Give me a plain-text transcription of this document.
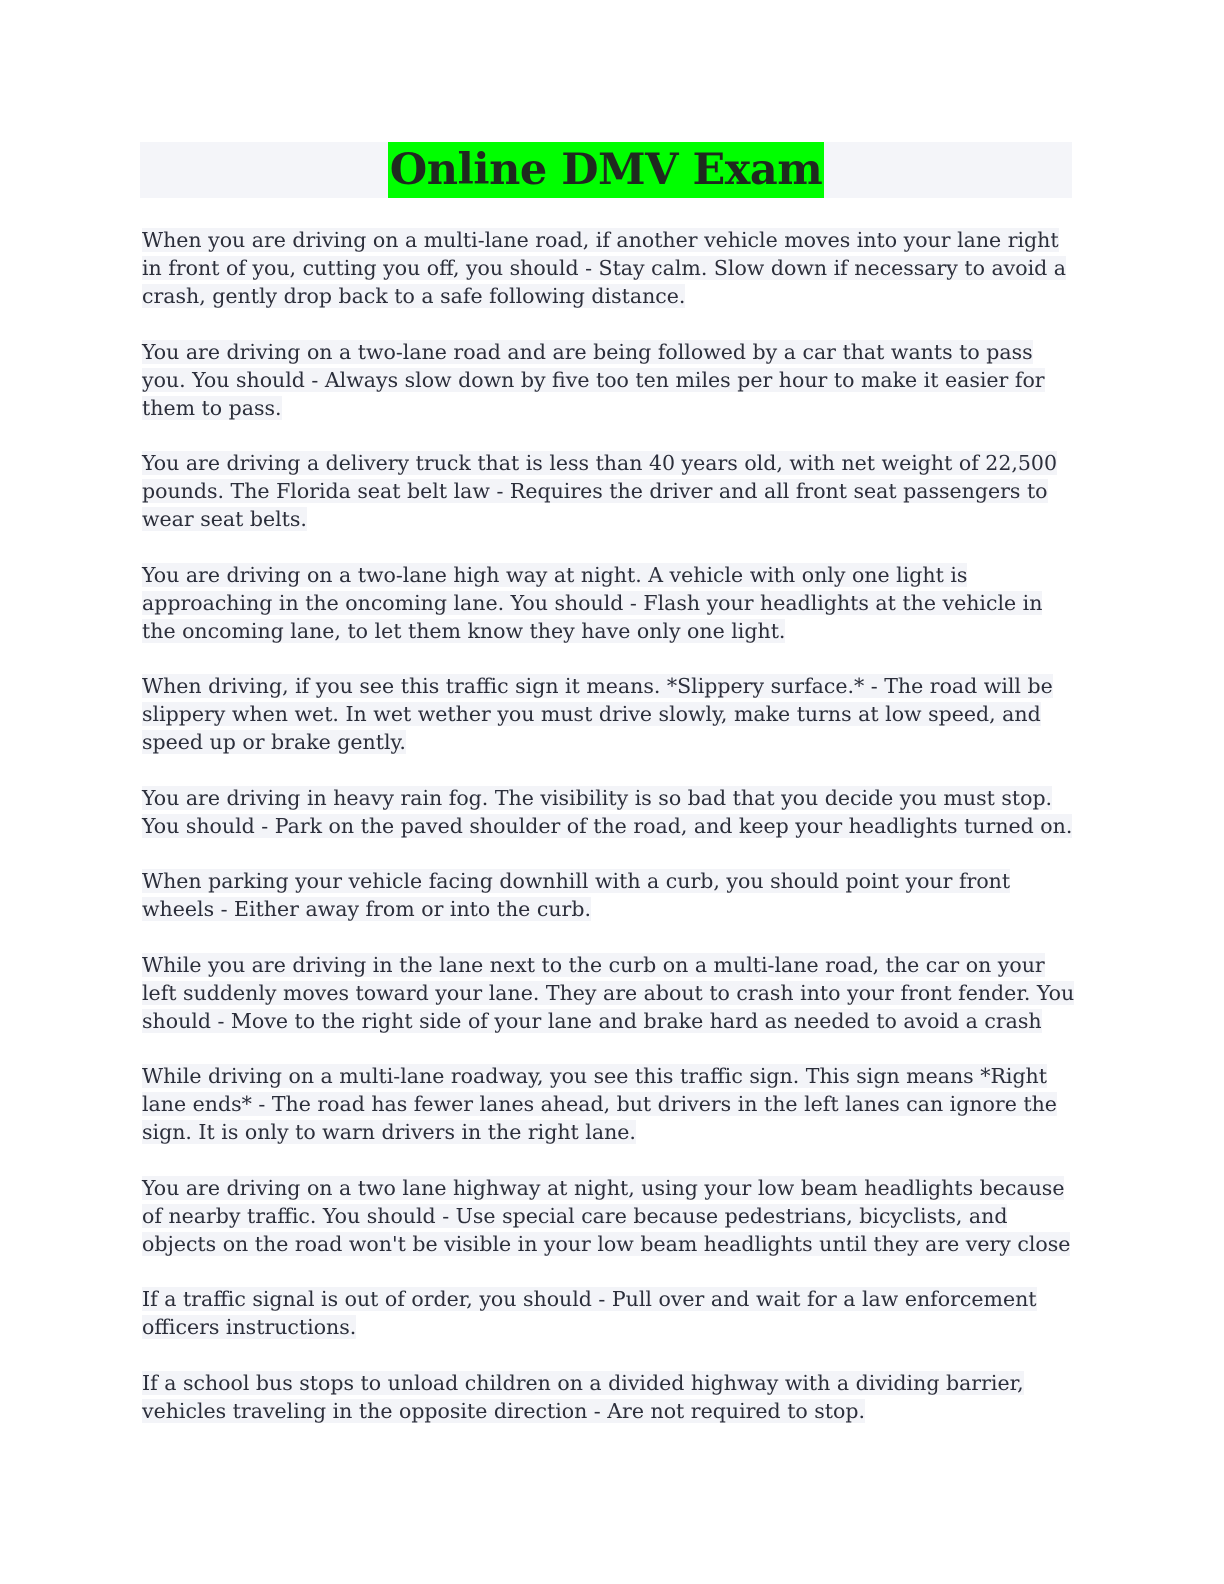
Online DMV Exam

When you are driving on a multi-lane road, if another vehicle moves into your lane right in front of you, cutting you off, you should - Stay calm. Slow down if necessary to avoid a crash, gently drop back to a safe following distance.

You are driving on a two-lane road and are being followed by a car that wants to pass you. You should - Always slow down by five too ten miles per hour to make it easier for them to pass.

You are driving a delivery truck that is less than 40 years old, with net weight of 22,500 pounds. The Florida seat belt law - Requires the driver and all front seat passengers to wear seat belts.

You are driving on a two-lane high way at night. A vehicle with only one light is approaching in the oncoming lane. You should - Flash your headlights at the vehicle in the oncoming lane, to let them know they have only one light.

When driving, if you see this traffic sign it means. *Slippery surface.* - The road will be slippery when wet. In wet wether you must drive slowly, make turns at low speed, and speed up or brake gently.

You are driving in heavy rain fog. The visibility is so bad that you decide you must stop. You should - Park on the paved shoulder of the road, and keep your headlights turned on.

When parking your vehicle facing downhill with a curb, you should point your front wheels - Either away from or into the curb.

While you are driving in the lane next to the curb on a multi-lane road, the car on your left suddenly moves toward your lane. They are about to crash into your front fender. You should - Move to the right side of your lane and brake hard as needed to avoid a crash

While driving on a multi-lane roadway, you see this traffic sign. This sign means *Right lane ends* - The road has fewer lanes ahead, but drivers in the left lanes can ignore the sign. It is only to warn drivers in the right lane.

You are driving on a two lane highway at night, using your low beam headlights because of nearby traffic. You should - Use special care because pedestrians, bicyclists, and objects on the road won't be visible in your low beam headlights until they are very close

If a traffic signal is out of order, you should - Pull over and wait for a law enforcement officers instructions.

If a school bus stops to unload children on a divided highway with a dividing barrier, vehicles traveling in the opposite direction - Are not required to stop.
